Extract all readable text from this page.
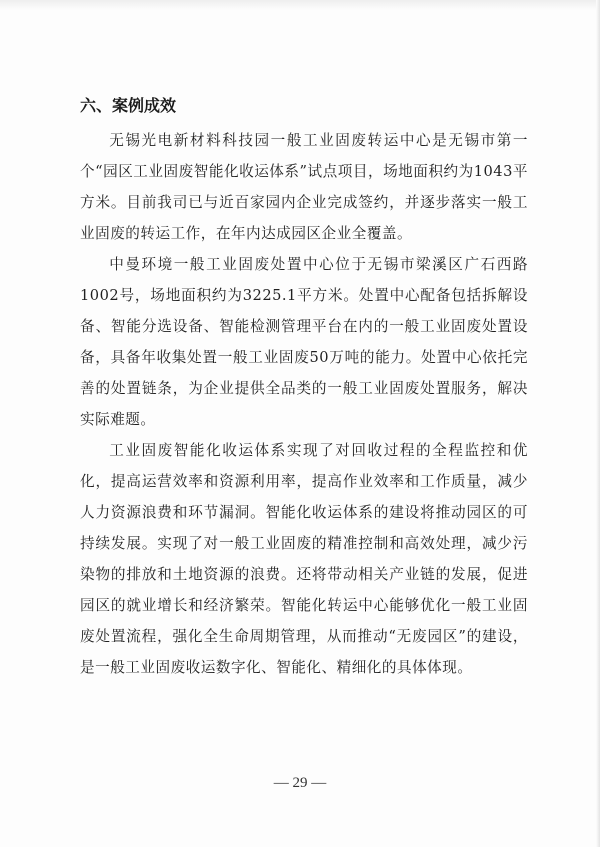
六、案例成效

无锡光电新材料科技园一般工业固废转运中心是无锡市第一个“园区工业固废智能化收运体系”试点项目，场地面积约为1043平方米。目前我司已与近百家园内企业完成签约，并逐步落实一般工业固废的转运工作，在年内达成园区企业全覆盖。

中曼环境一般工业固废处置中心位于无锡市梁溪区广石西路1002号，场地面积约为3225.1平方米。处置中心配备包括拆解设备、智能分选设备、智能检测管理平台在内的一般工业固废处置设备，具备年收集处置一般工业固废50万吨的能力。处置中心依托完善的处置链条，为企业提供全品类的一般工业固废处置服务，解决实际难题。

工业固废智能化收运体系实现了对回收过程的全程监控和优化，提高运营效率和资源利用率，提高作业效率和工作质量，减少人力资源浪费和环节漏洞。智能化收运体系的建设将推动园区的可持续发展。实现了对一般工业固废的精准控制和高效处理，减少污染物的排放和土地资源的浪费。还将带动相关产业链的发展，促进园区的就业增长和经济繁荣。智能化转运中心能够优化一般工业固废处置流程，强化全生命周期管理，从而推动“无废园区”的建设，是一般工业固废收运数字化、智能化、精细化的具体体现。

— 29 —
